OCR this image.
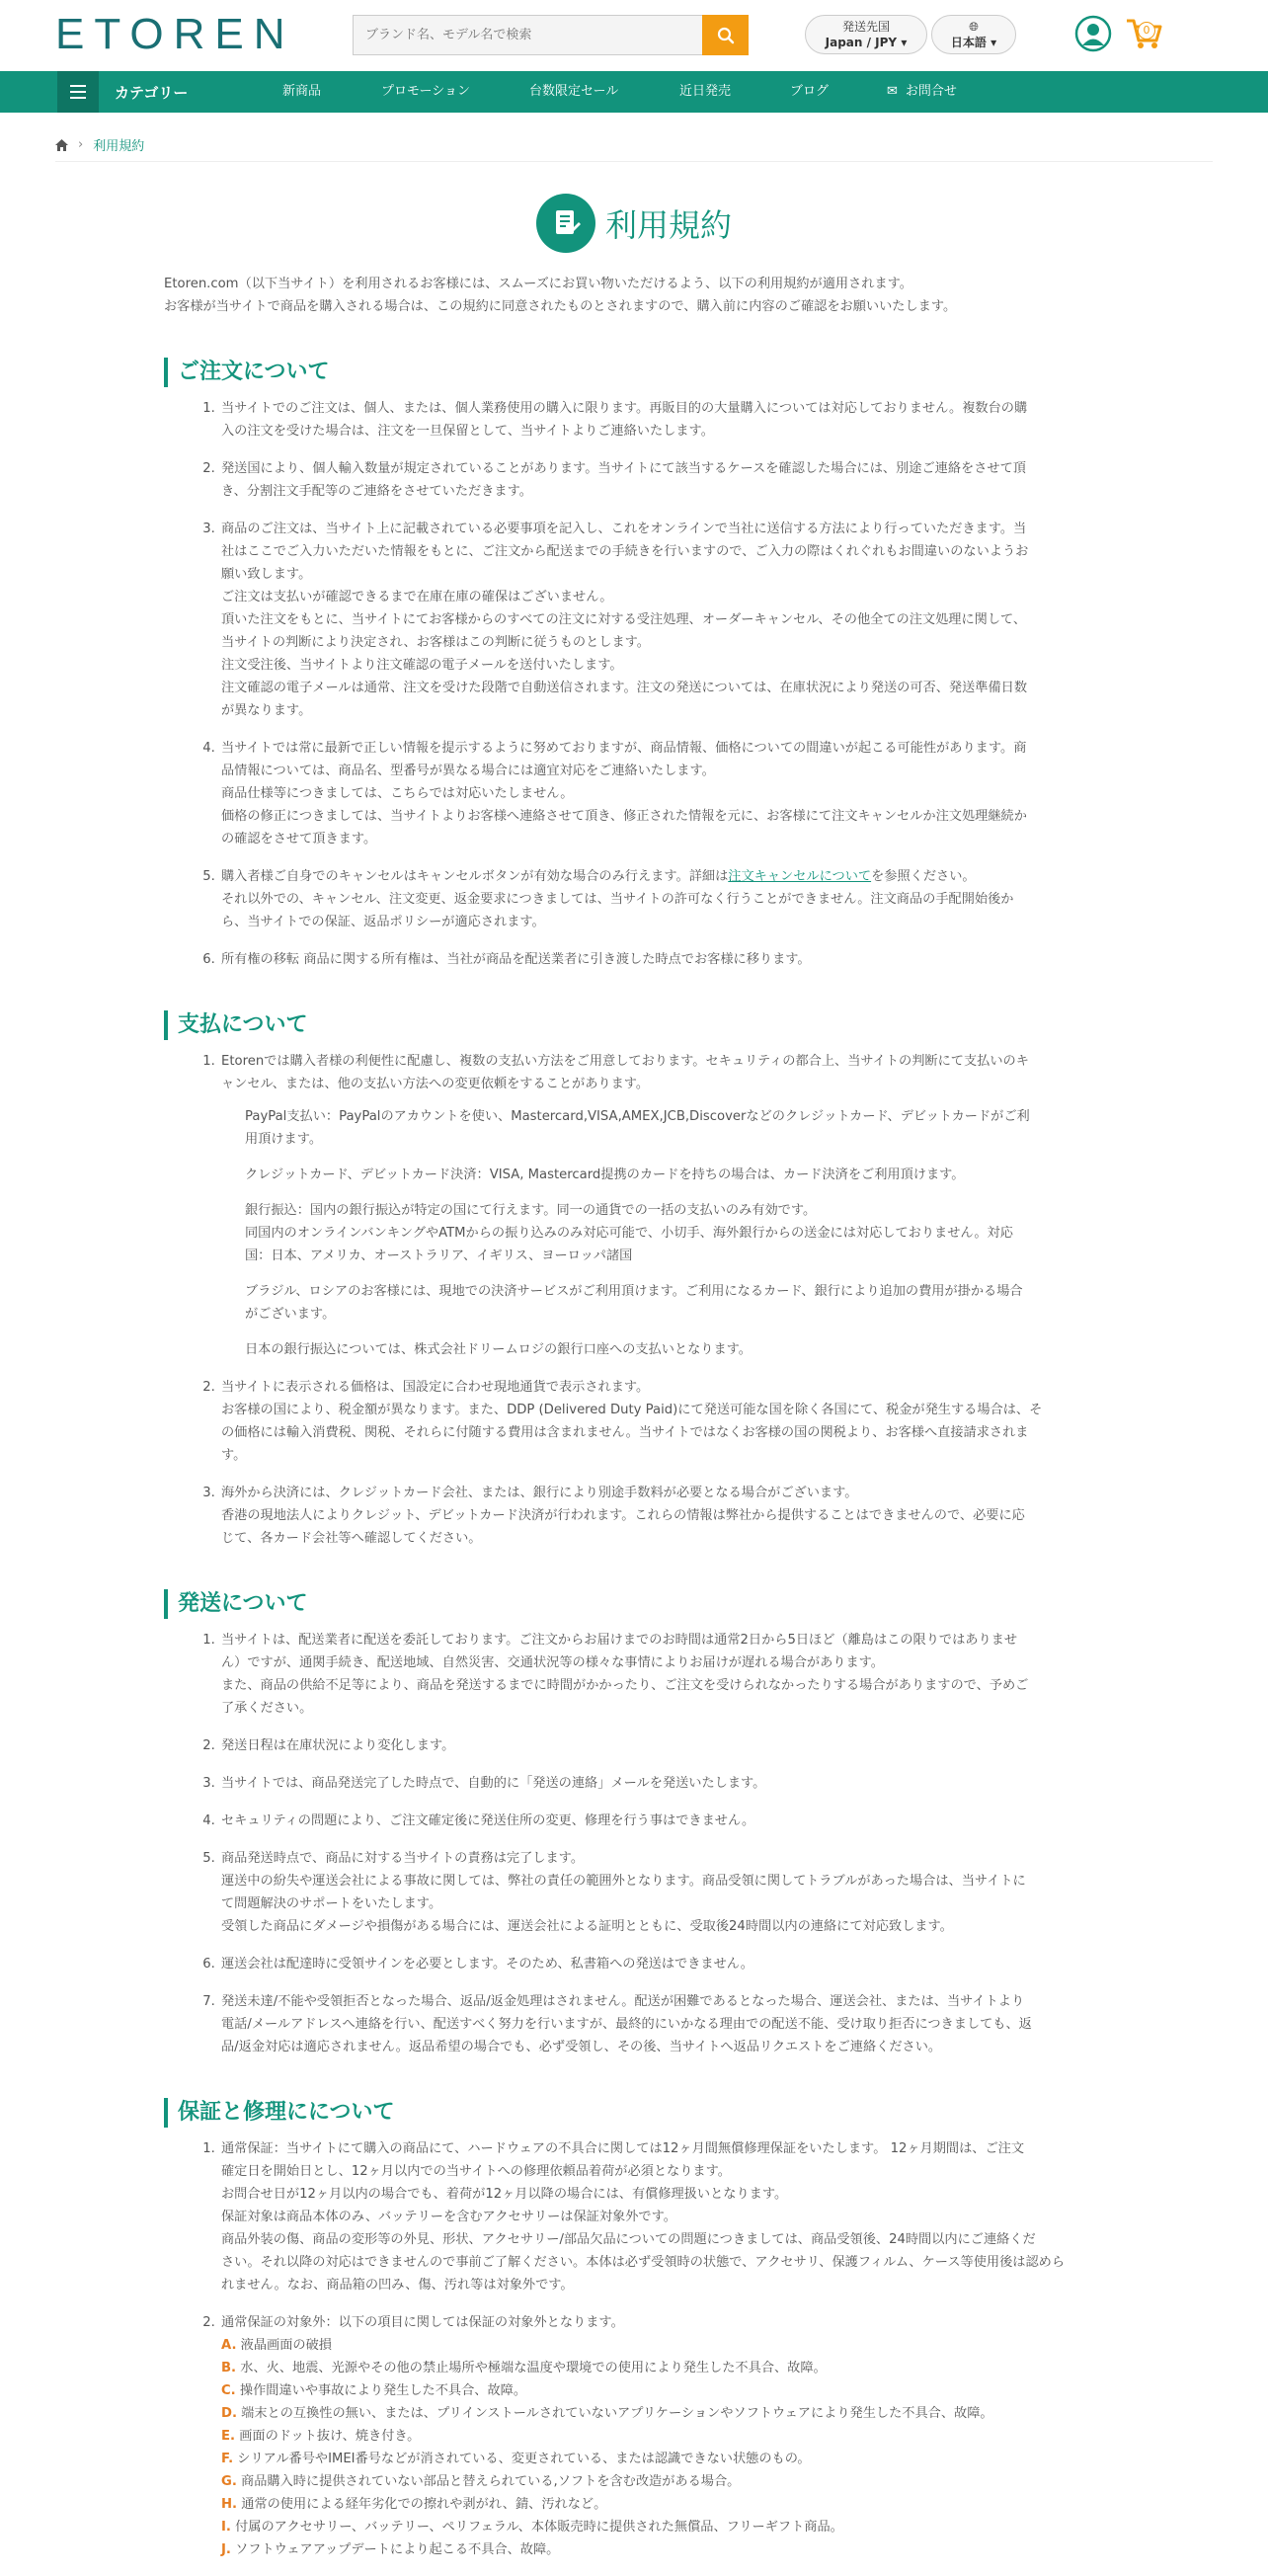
ETOREN
ブランド名、モデル名で検索	発送先国
Japan / JPY ▾
🌐︎
日本語 ▾
0
カテゴリー	新商品	プロモーション	台数限定セール	近日発売	ブログ	✉ お問合せ
› 利用規約
利用規約

Etoren.com（以下当サイト）を利用されるお客様には、スムーズにお買い物いただけるよう、以下の利用規約が適用されます。

お客様が当サイトで商品を購入される場合は、この規約に同意されたものとされますので、購入前に内容のご確認をお願いいたします。

ご注文について
1. 当サイトでのご注文は、個人、または、個人業務使用の購入に限ります。再販目的の大量購入については対応しておりません。複数台の購
入の注文を受けた場合は、注文を一旦保留として、当サイトよりご連絡いたします。
2. 発送国により、個人輸入数量が規定されていることがあります。当サイトにて該当するケースを確認した場合には、別途ご連絡をさせて頂
き、分割注文手配等のご連絡をさせていただきます。
3. 商品のご注文は、当サイト上に記載されている必要事項を記入し、これをオンラインで当社に送信する方法により行っていただきます。当
社はここでご入力いただいた情報をもとに、ご注文から配送までの手続きを行いますので、ご入力の際はくれぐれもお間違いのないようお
願い致します。
ご注文は支払いが確認できるまで在庫在庫の確保はございません。
頂いた注文をもとに、当サイトにてお客様からのすべての注文に対する受注処理、オーダーキャンセル、その他全ての注文処理に関して、
当サイトの判断により決定され、お客様はこの判断に従うものとします。
注文受注後、当サイトより注文確認の電子メールを送付いたします。
注文確認の電子メールは通常、注文を受けた段階で自動送信されます。注文の発送については、在庫状況により発送の可否、発送準備日数
が異なります。
4. 当サイトでは常に最新で正しい情報を提示するように努めておりますが、商品情報、価格についての間違いが起こる可能性があります。商
品情報については、商品名、型番号が異なる場合には適宜対応をご連絡いたします。
商品仕様等につきましては、こちらでは対応いたしません。
価格の修正につきましては、当サイトよりお客様へ連絡させて頂き、修正された情報を元に、お客様にて注文キャンセルか注文処理継続か
の確認をさせて頂きます。
5. 購入者様ご自身でのキャンセルはキャンセルボタンが有効な場合のみ行えます。詳細は注文キャンセルについてを参照ください。
それ以外での、キャンセル、注文変更、返金要求につきましては、当サイトの許可なく行うことができません。注文商品の手配開始後か
ら、当サイトでの保証、返品ポリシーが適応されます。
6. 所有権の移転 商品に関する所有権は、当社が商品を配送業者に引き渡した時点でお客様に移ります。
支払について
1. Etorenでは購入者様の利便性に配慮し、複数の支払い方法をご用意しております。セキュリティの都合上、当サイトの判断にて支払いのキ
ャンセル、または、他の支払い方法への変更依頼をすることがあります。

PayPal支払い：PayPalのアカウントを使い、Mastercard,VISA,AMEX,JCB,Discoverなどのクレジットカード、デビットカードがご利
用頂けます。

クレジットカード、デビットカード決済：VISA, Mastercard提携のカードを持ちの場合は、カード決済をご利用頂けます。

銀行振込：国内の銀行振込が特定の国にて行えます。同一の通貨での一括の支払いのみ有効です。
同国内のオンラインバンキングやATMからの振り込みのみ対応可能で、小切手、海外銀行からの送金には対応しておりません。対応
国：日本、アメリカ、オーストラリア、イギリス、ヨーロッパ諸国

ブラジル、ロシアのお客様には、現地での決済サービスがご利用頂けます。ご利用になるカード、銀行により追加の費用が掛かる場合
がございます。

日本の銀行振込については、株式会社ドリームロジの銀行口座への支払いとなります。

2. 当サイトに表示される価格は、国設定に合わせ現地通貨で表示されます。
お客様の国により、税金額が異なります。また、DDP (Delivered Duty Paid)にて発送可能な国を除く各国にて、税金が発生する場合は、そ
の価格には輸入消費税、関税、それらに付随する費用は含まれません。当サイトではなくお客様の国の関税より、お客様へ直接請求されま
す。
3. 海外から決済には、クレジットカード会社、または、銀行により別途手数料が必要となる場合がございます。
香港の現地法人によりクレジット、デビットカード決済が行われます。これらの情報は弊社から提供することはできませんので、必要に応
じて、各カード会社等へ確認してください。
発送について
1. 当サイトは、配送業者に配送を委託しております。ご注文からお届けまでのお時間は通常2日から5日ほど（離島はこの限りではありませ
ん）ですが、通関手続き、配送地域、自然災害、交通状況等の様々な事情によりお届けが遅れる場合があります。
また、商品の供給不足等により、商品を発送するまでに時間がかかったり、ご注文を受けられなかったりする場合がありますので、予めご
了承ください。
2. 発送日程は在庫状況により変化します。
3. 当サイトでは、商品発送完了した時点で、自動的に「発送の連絡」メールを発送いたします。
4. セキュリティの問題により、ご注文確定後に発送住所の変更、修理を行う事はできません。
5. 商品発送時点で、商品に対する当サイトの責務は完了します。
運送中の紛失や運送会社による事故に関しては、弊社の責任の範囲外となります。商品受領に関してトラブルがあった場合は、当サイトに
て問題解決のサポートをいたします。
受領した商品にダメージや損傷がある場合には、運送会社による証明とともに、受取後24時間以内の連絡にて対応致します。
6. 運送会社は配達時に受領サインを必要とします。そのため、私書箱への発送はできません。
7. 発送未達/不能や受領拒否となった場合、返品/返金処理はされません。配送が困難であるとなった場合、運送会社、または、当サイトより
電話/メールアドレスへ連絡を行い、配送すべく努力を行いますが、最終的にいかなる理由での配送不能、受け取り拒否につきましても、返
品/返金対応は適応されません。返品希望の場合でも、必ず受領し、その後、当サイトへ返品リクエストをご連絡ください。
保証と修理にについて
1. 通常保証：当サイトにて購入の商品にて、ハードウェアの不具合に関しては12ヶ月間無償修理保証をいたします。 12ヶ月期間は、ご注文
確定日を開始日とし、12ヶ月以内での当サイトへの修理依頼品着荷が必須となります。
お問合せ日が12ヶ月以内の場合でも、着荷が12ヶ月以降の場合には、有償修理扱いとなります。
保証対象は商品本体のみ、バッテリーを含むアクセサリーは保証対象外です。
商品外装の傷、商品の変形等の外見、形状、アクセサリー/部品欠品についての問題につきましては、商品受領後、24時間以内にご連絡くだ
さい。それ以降の対応はできませんので事前ご了解ください。本体は必ず受領時の状態で、アクセサリ、保護フィルム、ケース等使用後は認めら
れません。なお、商品箱の凹み、傷、汚れ等は対象外です。
2. 通常保証の対象外：以下の項目に関しては保証の対象外となります。
A. 液晶画面の破損
B. 水、火、地震、光源やその他の禁止場所や極端な温度や環境での使用により発生した不具合、故障。
C. 操作間違いや事故により発生した不具合、故障。
D. 端末との互換性の無い、または、プリインストールされていないアプリケーションやソフトウェアにより発生した不具合、故障。
E. 画面のドット抜け、焼き付き。
F. シリアル番号やIMEI番号などが消されている、変更されている、または認識できない状態のもの。
G. 商品購入時に提供されていない部品と替えられている,ソフトを含む改造がある場合。
H. 通常の使用による経年劣化での擦れや剥がれ、錆、汚れなど。
I. 付属のアクセサリー、バッテリー、ペリフェラル、本体販売時に提供された無償品、フリーギフト商品。
J. ソフトウェアアップデートにより起こる不具合、故障。
